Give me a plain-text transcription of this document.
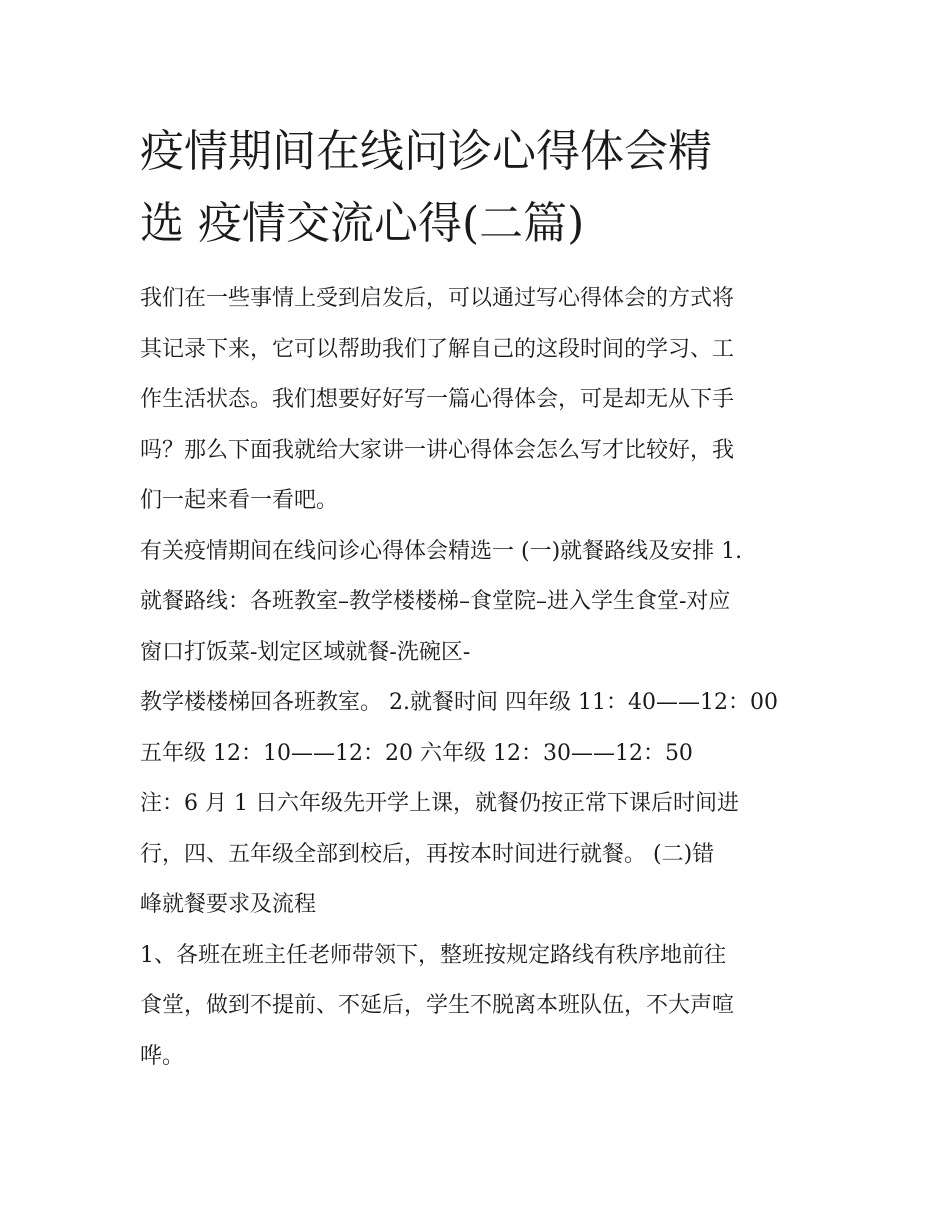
疫情期间在线问诊心得体会精
选 疫情交流心得(二篇)

我们在一些事情上受到启发后，可以通过写心得体会的方式将
其记录下来，它可以帮助我们了解自己的这段时间的学习、工
作生活状态。我们想要好好写一篇心得体会，可是却无从下手
吗？那么下面我就给大家讲一讲心得体会怎么写才比较好，我
们一起来看一看吧。

有关疫情期间在线问诊心得体会精选一 (一)就餐路线及安排 1.
就餐路线：各班教室–教学楼楼梯–食堂院–进入学生食堂-对应
窗口打饭菜-划定区域就餐-洗碗区-

教学楼楼梯回各班教室。 2.就餐时间 四年级 11：40——12：00

五年级 12：10——12：20 六年级 12：30——12：50

注：6 月 1 日六年级先开学上课，就餐仍按正常下课后时间进
行，四、五年级全部到校后，再按本时间进行就餐。 (二)错
峰就餐要求及流程

1、各班在班主任老师带领下，整班按规定路线有秩序地前往
食堂，做到不提前、不延后，学生不脱离本班队伍，不大声喧
哗。
